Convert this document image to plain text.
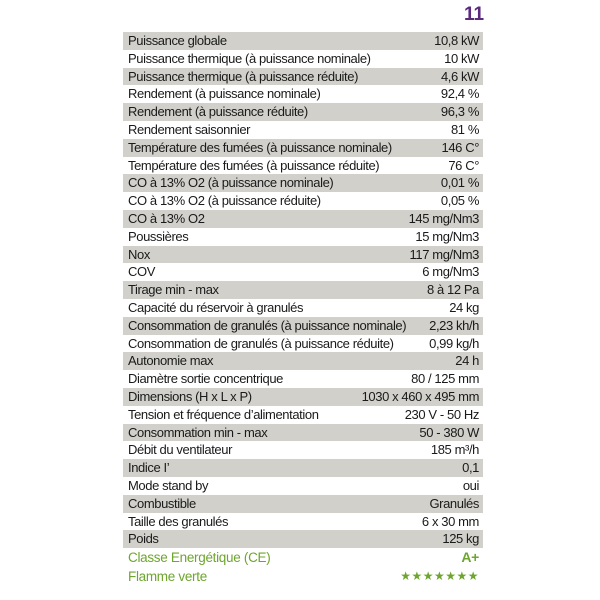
11
Puissance globale	10,8 kW
Puissance thermique (à puissance nominale)	10 kW
Puissance thermique (à puissance réduite)	4,6 kW
Rendement (à puissance nominale)	92,4 %
Rendement (à puissance réduite)	96,3 %
Rendement saisonnier	81 %
Température des fumées (à puissance nominale)	146 C°
Température des fumées (à puissance réduite)	76 C°
CO à 13% O2 (à puissance nominale)	0,01 %
CO à 13% O2 (à puissance réduite)	0,05 %
CO à 13% O2	145 mg/Nm3
Poussières	15 mg/Nm3
Nox	117 mg/Nm3
COV	6 mg/Nm3
Tirage min - max	8 à 12 Pa
Capacité du réservoir à granulés	24 kg
Consommation de granulés (à puissance nominale)	2,23 kh/h
Consommation de granulés (à puissance réduite)	0,99 kg/h
Autonomie max	24 h
Diamètre sortie concentrique	80 / 125 mm
Dimensions (H x L x P)	1030 x 460 x 495 mm
Tension et fréquence d’alimentation	230 V - 50 Hz
Consommation min - max	50 - 380 W
Débit du ventilateur	185 m³/h
Indice I’	0,1
Mode stand by	oui
Combustible	Granulés
Taille des granulés	6 x 30 mm
Poids	125 kg
Classe Energétique (CE)	A+
Flamme verte	★★★★★★★
